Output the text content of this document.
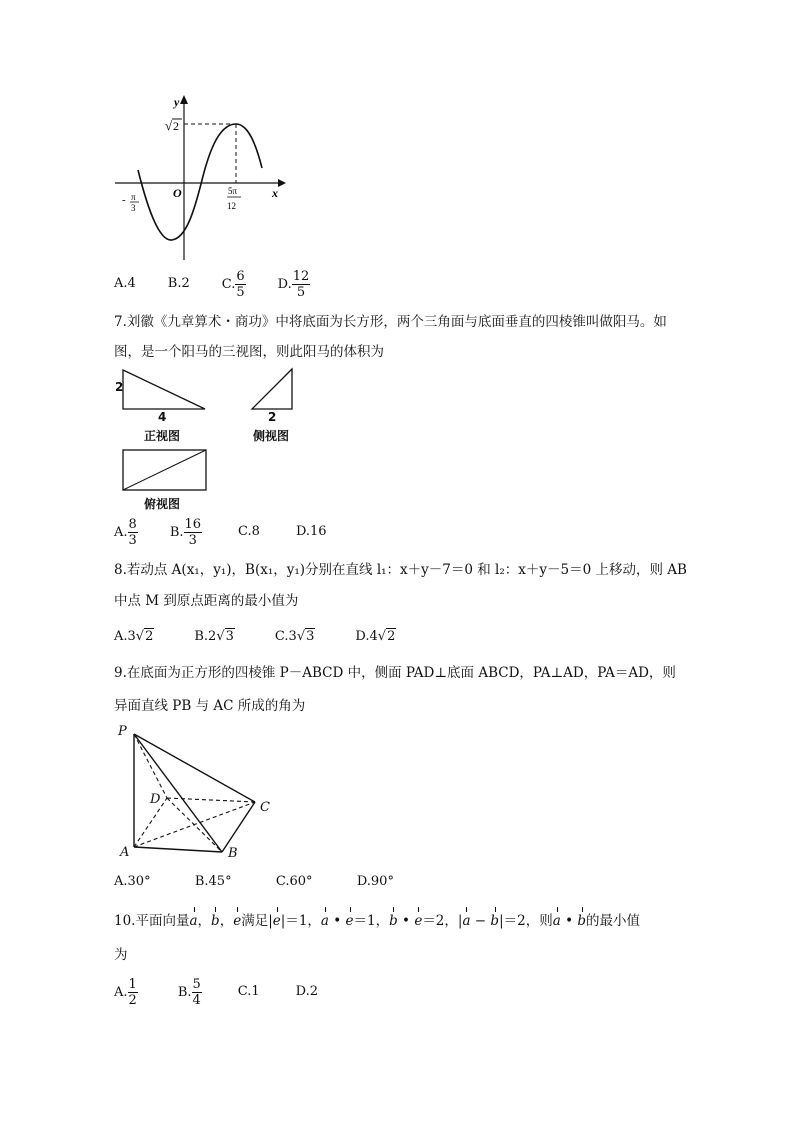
y
x
O
√ 2
- π
3
5π
12
A.4 B.2 C. $\frac{6}{5} D$. $\frac{12}{5}$
7.刘徽《九章算术・商功》中将底面为长方形，两个三角面与底面垂直的四棱锥叫做阳马。如
图，是一个阳马的三视图，则此阳马的体积为
2
4
正视图
2
侧视图
俯视图
A. $\frac{8}{3} B$. $\frac{16}{3}$	C.8	D.16
8.若动点 A(x₁，y₁)，B(x₁，y₁)分别在直线 l₁：x＋y－7＝0 和 l₂：x＋y－5＝0 上移动，则 AB
中点 M 到原点距离的最小值为
A.3√2	B.2√3	C.3√3	D.4√2
9.在底面为正方形的四棱锥 P－ABCD 中，侧面 PAD⊥底面 ABCD，PA⊥AD，PA＝AD，则
异面直线 PB 与 AC 所成的角为
P
D
C
A	B
A.30°	B.45°	C.60°	D.90°
10.平面向量a，b，e满足|e|＝1，a • e＝1，b • e＝2，|a − b|＝2，则a • b的最小值
为
A. $\frac{1}{2}$	B. $\frac{5}{4}$	C.1	D.2
